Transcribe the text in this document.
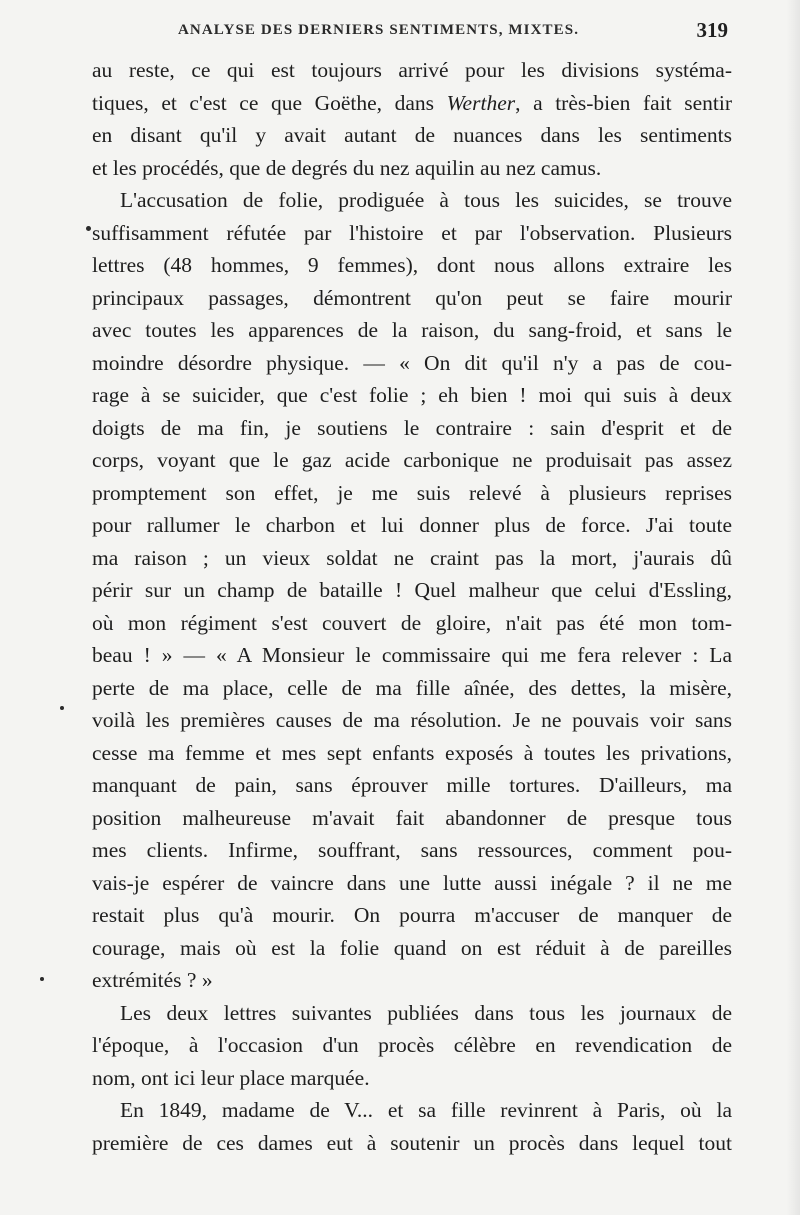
ANALYSE DES DERNIERS SENTIMENTS, MIXTES.	319
au reste, ce qui est toujours arrivé pour les divisions systéma-
tiques, et c'est ce que Goëthe, dans Werther, a très-bien fait sentir
en disant qu'il y avait autant de nuances dans les sentiments
et les procédés, que de degrés du nez aquilin au nez camus.
L'accusation de folie, prodiguée à tous les suicides, se trouve
suffisamment réfutée par l'histoire et par l'observation. Plusieurs
lettres (48 hommes, 9 femmes), dont nous allons extraire les
principaux passages, démontrent qu'on peut se faire mourir
avec toutes les apparences de la raison, du sang-froid, et sans le
moindre désordre physique. — « On dit qu'il n'y a pas de cou-
rage à se suicider, que c'est folie ; eh bien ! moi qui suis à deux
doigts de ma fin, je soutiens le contraire : sain d'esprit et de
corps, voyant que le gaz acide carbonique ne produisait pas assez
promptement son effet, je me suis relevé à plusieurs reprises
pour rallumer le charbon et lui donner plus de force. J'ai toute
ma raison ; un vieux soldat ne craint pas la mort, j'aurais dû
périr sur un champ de bataille ! Quel malheur que celui d'Essling,
où mon régiment s'est couvert de gloire, n'ait pas été mon tom-
beau ! » — « A Monsieur le commissaire qui me fera relever : La
perte de ma place, celle de ma fille aînée, des dettes, la misère,
voilà les premières causes de ma résolution. Je ne pouvais voir sans
cesse ma femme et mes sept enfants exposés à toutes les privations,
manquant de pain, sans éprouver mille tortures. D'ailleurs, ma
position malheureuse m'avait fait abandonner de presque tous
mes clients. Infirme, souffrant, sans ressources, comment pou-
vais-je espérer de vaincre dans une lutte aussi inégale ? il ne me
restait plus qu'à mourir. On pourra m'accuser de manquer de
courage, mais où est la folie quand on est réduit à de pareilles
extrémités ? »
Les deux lettres suivantes publiées dans tous les journaux de
l'époque, à l'occasion d'un procès célèbre en revendication de
nom, ont ici leur place marquée.
En 1849, madame de V... et sa fille revinrent à Paris, où la
première de ces dames eut à soutenir un procès dans lequel tout
